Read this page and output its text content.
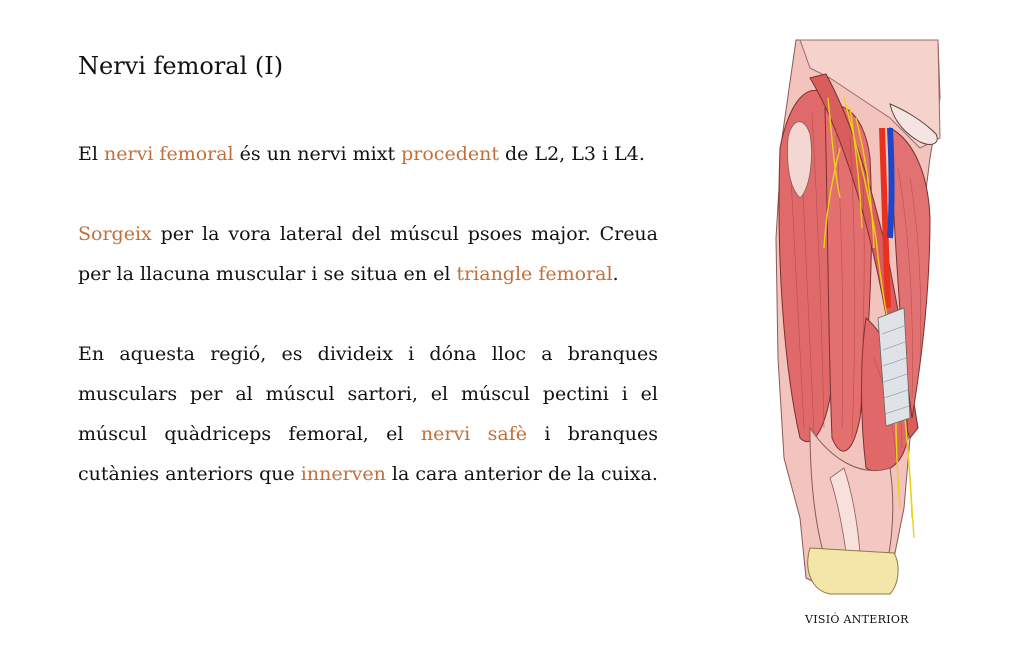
Nervi femoral (I)

El nervi femoral és un nervi mixt procedent de L2, L3 i L4.

Sorgeix per la vora lateral del múscul psoes major. Creua per la llacuna muscular i se situa en el triangle femoral.

En aquesta regió, es divideix i dóna lloc a branques musculars per al múscul sartori, el múscul pectini i el múscul quàdriceps femoral, el nervi safè i branques cutànies anteriors que innerven la cara anterior de la cuixa.

VISIÓ ANTERIOR
